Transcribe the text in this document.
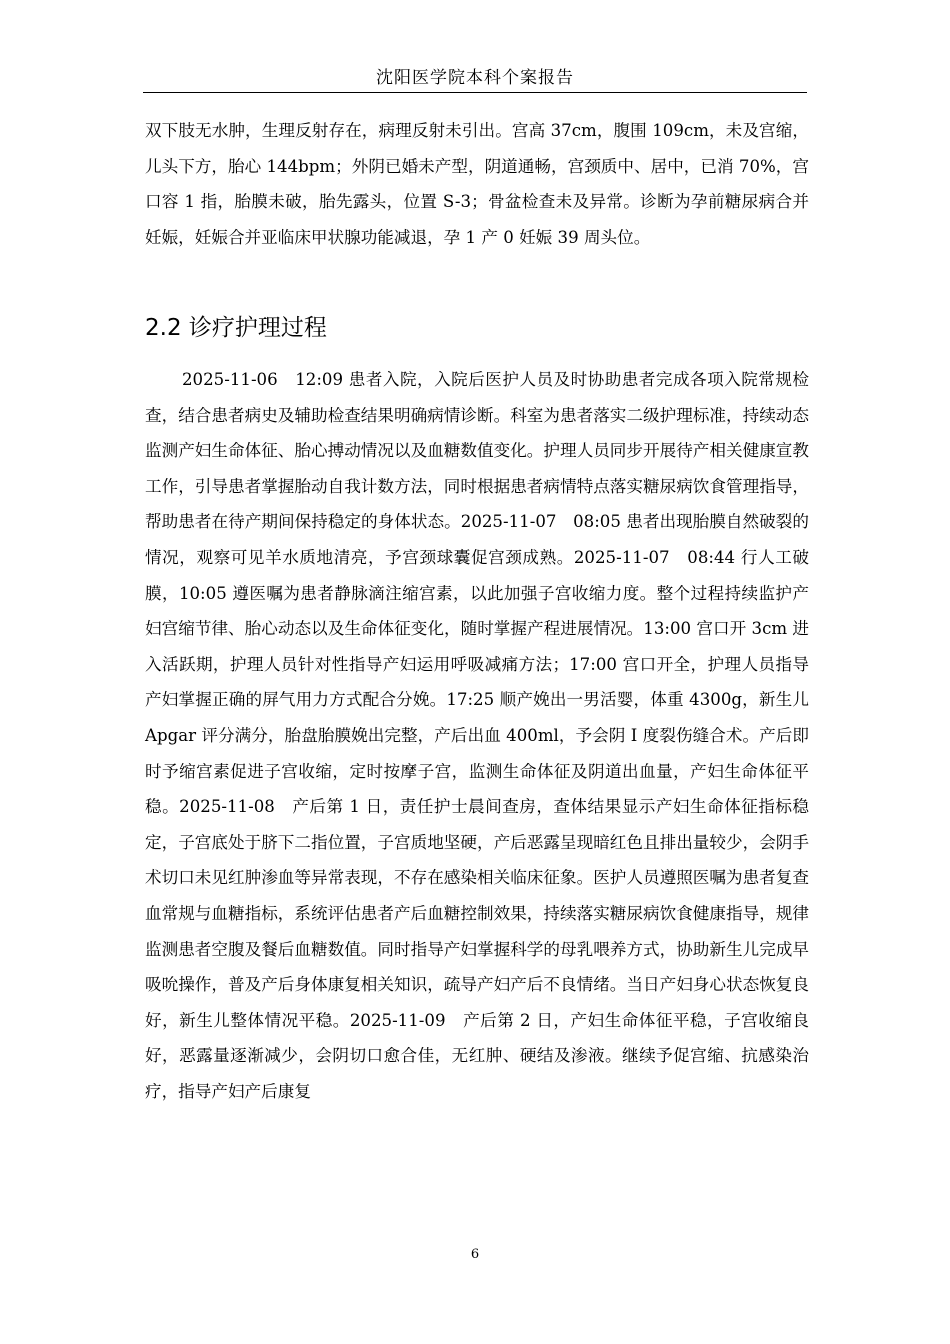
沈阳医学院本科个案报告

双下肢无水肿，生理反射存在，病理反射未引出。宫高 37cm，腹围 109cm，未及宫缩，儿头下方，胎心 144bpm；外阴已婚未产型，阴道通畅，宫颈质中、居中，已消 70%，宫口容 1 指，胎膜未破，胎先露头，位置 S-3；骨盆检查未及异常。诊断为孕前糖尿病合并妊娠，妊娠合并亚临床甲状腺功能减退，孕 1 产 0 妊娠 39 周头位。

2.2 诊疗护理过程

2025-11-06　12:09 患者入院，入院后医护人员及时协助患者完成各项入院常规检查，结合患者病史及辅助检查结果明确病情诊断。科室为患者落实二级护理标准，持续动态监测产妇生命体征、胎心搏动情况以及血糖数值变化。护理人员同步开展待产相关健康宣教工作，引导患者掌握胎动自我计数方法，同时根据患者病情特点落实糖尿病饮食管理指导，帮助患者在待产期间保持稳定的身体状态。2025-11-07　08:05 患者出现胎膜自然破裂的情况，观察可见羊水质地清亮，予宫颈球囊促宫颈成熟。2025-11-07　08:44 行人工破膜，10:05 遵医嘱为患者静脉滴注缩宫素，以此加强子宫收缩力度。整个过程持续监护产妇宫缩节律、胎心动态以及生命体征变化，随时掌握产程进展情况。13:00 宫口开 3cm 进入活跃期，护理人员针对性指导产妇运用呼吸减痛方法；17:00 宫口开全，护理人员指导产妇掌握正确的屏气用力方式配合分娩。17:25 顺产娩出一男活婴，体重 4300g，新生儿 Apgar 评分满分，胎盘胎膜娩出完整，产后出血 400ml，予会阴 Ⅰ 度裂伤缝合术。产后即时予缩宫素促进子宫收缩，定时按摩子宫，监测生命体征及阴道出血量，产妇生命体征平稳。2025-11-08　产后第 1 日，责任护士晨间查房，查体结果显示产妇生命体征指标稳定，子宫底处于脐下二指位置，子宫质地坚硬，产后恶露呈现暗红色且排出量较少，会阴手术切口未见红肿渗血等异常表现，不存在感染相关临床征象。医护人员遵照医嘱为患者复查血常规与血糖指标，系统评估患者产后血糖控制效果，持续落实糖尿病饮食健康指导，规律监测患者空腹及餐后血糖数值。同时指导产妇掌握科学的母乳喂养方式，协助新生儿完成早吸吮操作，普及产后身体康复相关知识，疏导产妇产后不良情绪。当日产妇身心状态恢复良好，新生儿整体情况平稳。2025-11-09　产后第 2 日，产妇生命体征平稳，子宫收缩良好，恶露量逐渐减少，会阴切口愈合佳，无红肿、硬结及渗液。继续予促宫缩、抗感染治疗，指导产妇产后康复

6
